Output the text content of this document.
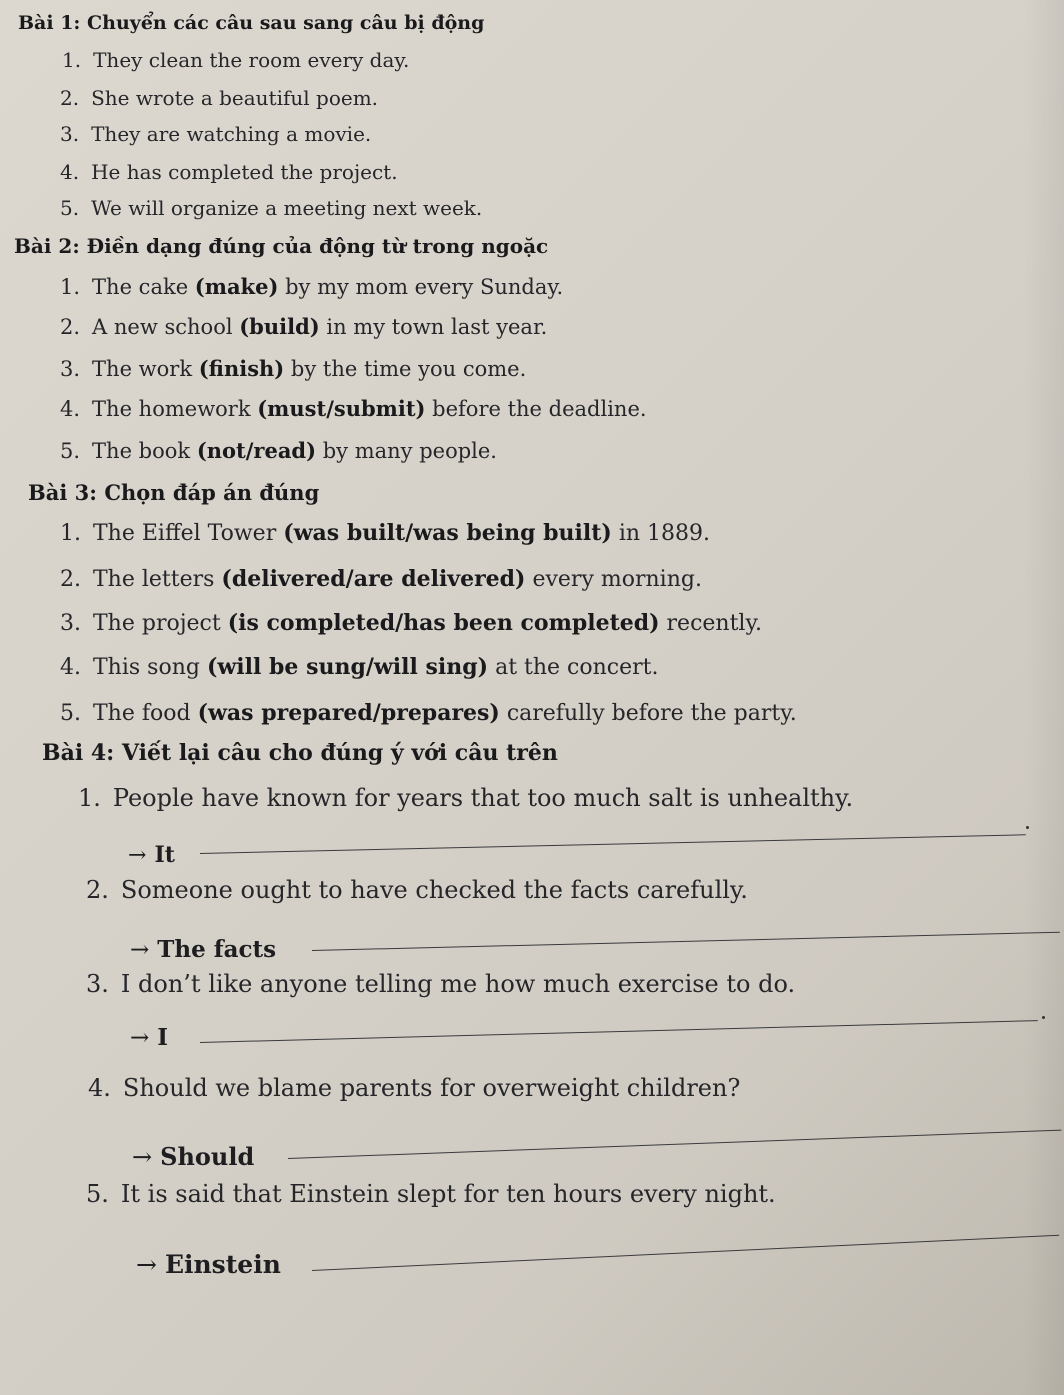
Bài 1: Chuyển các câu sau sang câu bị động
1. They clean the room every day.
2. She wrote a beautiful poem.
3. They are watching a movie.
4. He has completed the project.
5. We will organize a meeting next week.
Bài 2: Điền dạng đúng của động từ trong ngoặc
1. The cake (make) by my mom every Sunday.
2. A new school (build) in my town last year.
3. The work (finish) by the time you come.
4. The homework (must/submit) before the deadline.
5. The book (not/read) by many people.
Bài 3: Chọn đáp án đúng
1. The Eiffel Tower (was built/was being built) in 1889.
2. The letters (delivered/are delivered) every morning.
3. The project (is completed/has been completed) recently.
4. This song (will be sung/will sing) at the concert.
5. The food (was prepared/prepares) carefully before the party.
Bài 4: Viết lại câu cho đúng ý với câu trên
1. People have known for years that too much salt is unhealthy.
→ It
2. Someone ought to have checked the facts carefully.
→ The facts
3. I don’t like anyone telling me how much exercise to do.
→ I
4. Should we blame parents for overweight children?
→ Should
5. It is said that Einstein slept for ten hours every night.
→ Einstein
